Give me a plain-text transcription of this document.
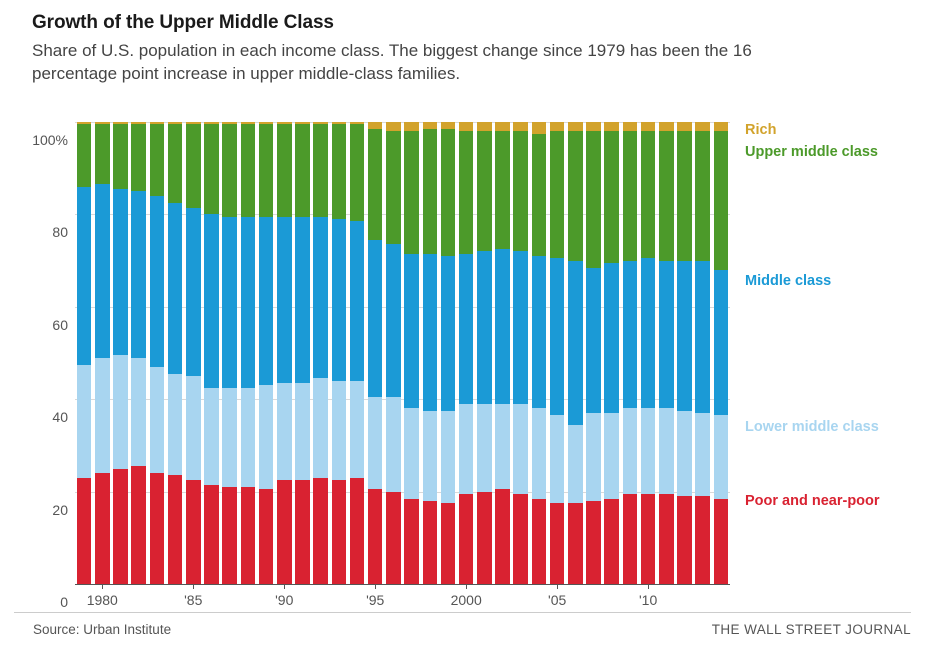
Growth of the Upper Middle Class
Share of U.S. population in each income class. The biggest change since 1979 has been the 16 percentage point increase in upper middle-class families.
0
20
40
60
80
100%
1980	'85	'90	'95	2000	'05	'10
Rich
Upper middle class
Middle class
Lower middle class
Poor and near-poor
Source: Urban Institute	THE WALL STREET JOURNAL
